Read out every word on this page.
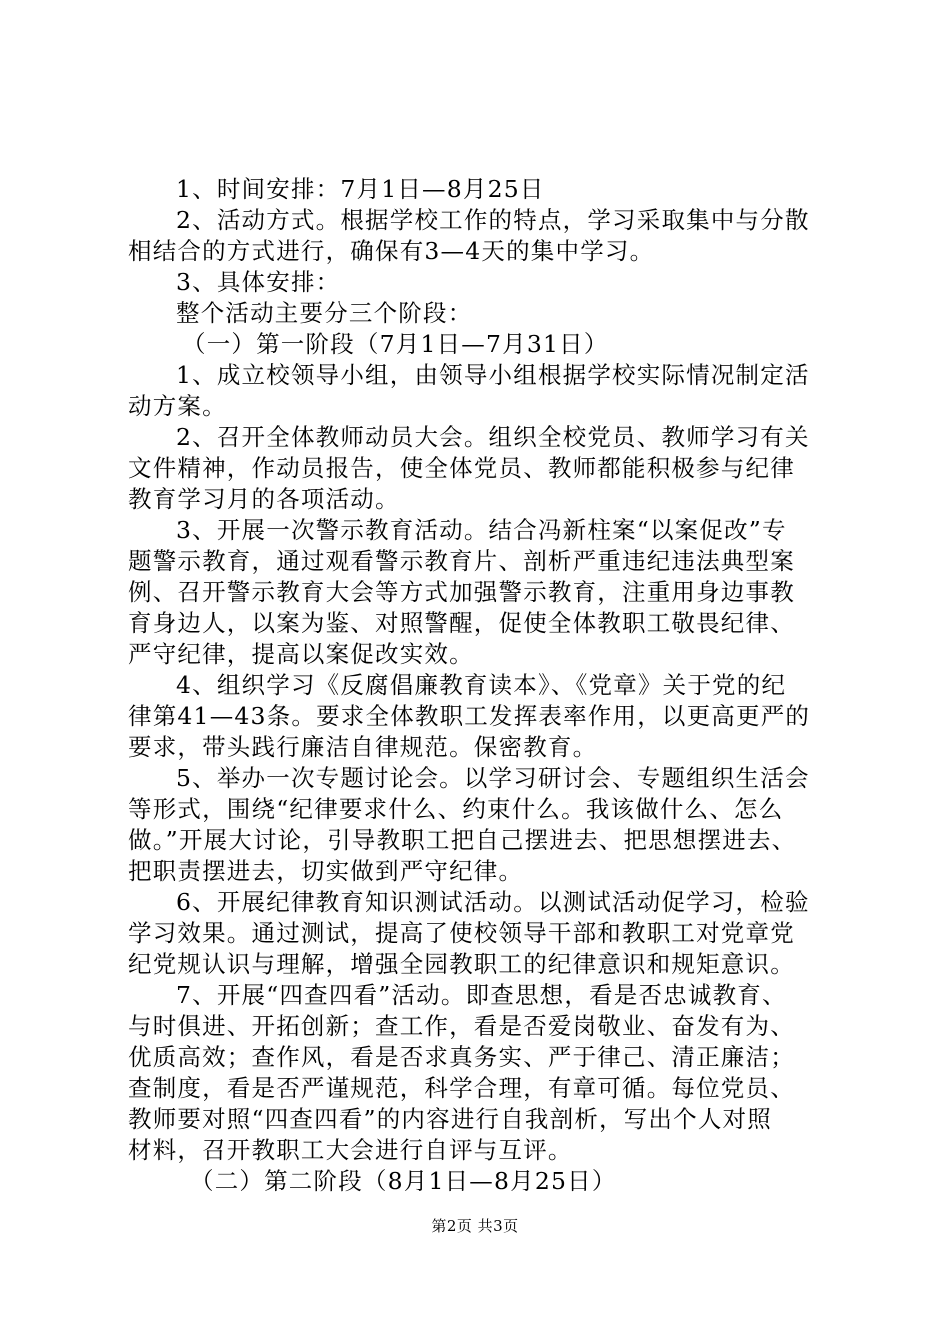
1、时间安排：7月1日—8月25日
2、活动方式。根据学校工作的特点，学习采取集中与分散
相结合的方式进行，确保有3—4天的集中学习。
3、具体安排：
整个活动主要分三个阶段：
（一）第一阶段（7月1日—7月31日）
1、成立校领导小组，由领导小组根据学校实际情况制定活
动方案。
2、召开全体教师动员大会。组织全校党员、教师学习有关
文件精神，作动员报告，使全体党员、教师都能积极参与纪律
教育学习月的各项活动。
3、开展一次警示教育活动。结合冯新柱案“以案促改”专
题警示教育，通过观看警示教育片、剖析严重违纪违法典型案
例、召开警示教育大会等方式加强警示教育，注重用身边事教
育身边人，以案为鉴、对照警醒，促使全体教职工敬畏纪律、
严守纪律，提高以案促改实效。
4、组织学习《反腐倡廉教育读本》、《党章》关于党的纪
律第41—43条。要求全体教职工发挥表率作用，以更高更严的
要求，带头践行廉洁自律规范。保密教育。
5、举办一次专题讨论会。以学习研讨会、专题组织生活会
等形式，围绕“纪律要求什么、约束什么。我该做什么、怎么
做。”开展大讨论，引导教职工把自己摆进去、把思想摆进去、
把职责摆进去，切实做到严守纪律。
6、开展纪律教育知识测试活动。以测试活动促学习，检验
学习效果。通过测试，提高了使校领导干部和教职工对党章党
纪党规认识与理解，增强全园教职工的纪律意识和规矩意识。
7、开展“四查四看”活动。即查思想，看是否忠诚教育、
与时俱进、开拓创新；查工作，看是否爱岗敬业、奋发有为、
优质高效；查作风，看是否求真务实、严于律己、清正廉洁；
查制度，看是否严谨规范，科学合理，有章可循。每位党员、
教师要对照“四查四看”的内容进行自我剖析，写出个人对照
材料，召开教职工大会进行自评与互评。
（二）第二阶段（8月1日—8月25日）
第2页 共3页
